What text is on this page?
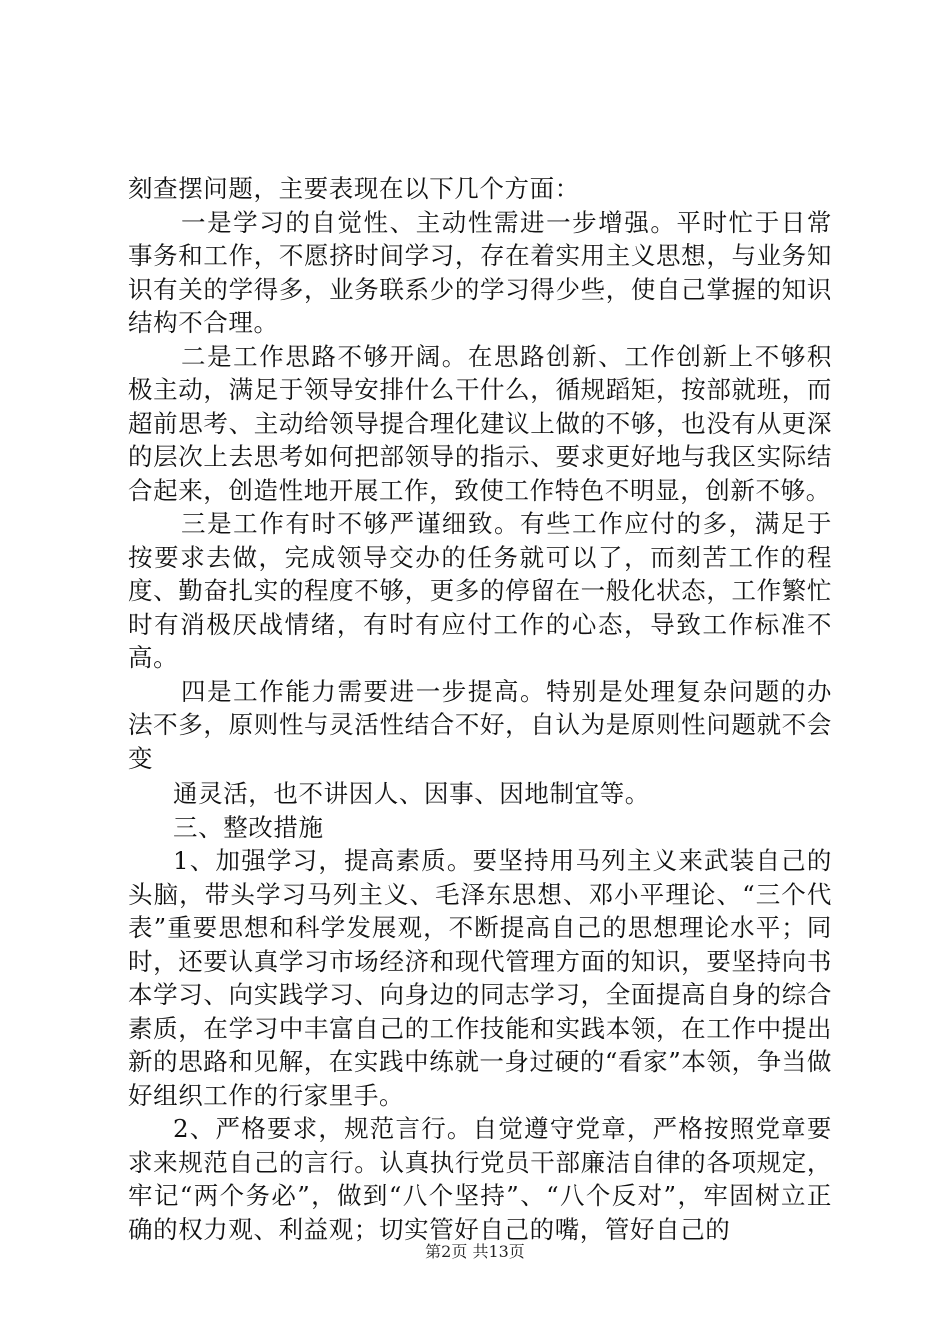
刻查摆问题，主要表现在以下几个方面：

一是学习的自觉性、主动性需进一步增强。平时忙于日常事务和工作，不愿挤时间学习，存在着实用主义思想，与业务知识有关的学得多，业务联系少的学习得少些，使自己掌握的知识结构不合理。

二是工作思路不够开阔。在思路创新、工作创新上不够积极主动，满足于领导安排什么干什么，循规蹈矩，按部就班，而超前思考、主动给领导提合理化建议上做的不够，也没有从更深的层次上去思考如何把部领导的指示、要求更好地与我区实际结合起来，创造性地开展工作，致使工作特色不明显，创新不够。

三是工作有时不够严谨细致。有些工作应付的多，满足于按要求去做，完成领导交办的任务就可以了，而刻苦工作的程度、勤奋扎实的程度不够，更多的停留在一般化状态，工作繁忙时有消极厌战情绪，有时有应付工作的心态，导致工作标准不高。

四是工作能力需要进一步提高。特别是处理复杂问题的办法不多，原则性与灵活性结合不好，自认为是原则性问题就不会变

通灵活，也不讲因人、因事、因地制宜等。

三、整改措施

1、加强学习，提高素质。要坚持用马列主义来武装自己的头脑，带头学习马列主义、毛泽东思想、邓小平理论、“三个代表”重要思想和科学发展观，不断提高自己的思想理论水平；同时，还要认真学习市场经济和现代管理方面的知识，要坚持向书本学习、向实践学习、向身边的同志学习，全面提高自身的综合素质，在学习中丰富自己的工作技能和实践本领，在工作中提出新的思路和见解，在实践中练就一身过硬的“看家”本领，争当做好组织工作的行家里手。

2、严格要求，规范言行。自觉遵守党章，严格按照党章要求来规范自己的言行。认真执行党员干部廉洁自律的各项规定，牢记“两个务必”，做到“八个坚持”、“八个反对”，牢固树立正确的权力观、利益观；切实管好自己的嘴，管好自己的

第2页 共13页
